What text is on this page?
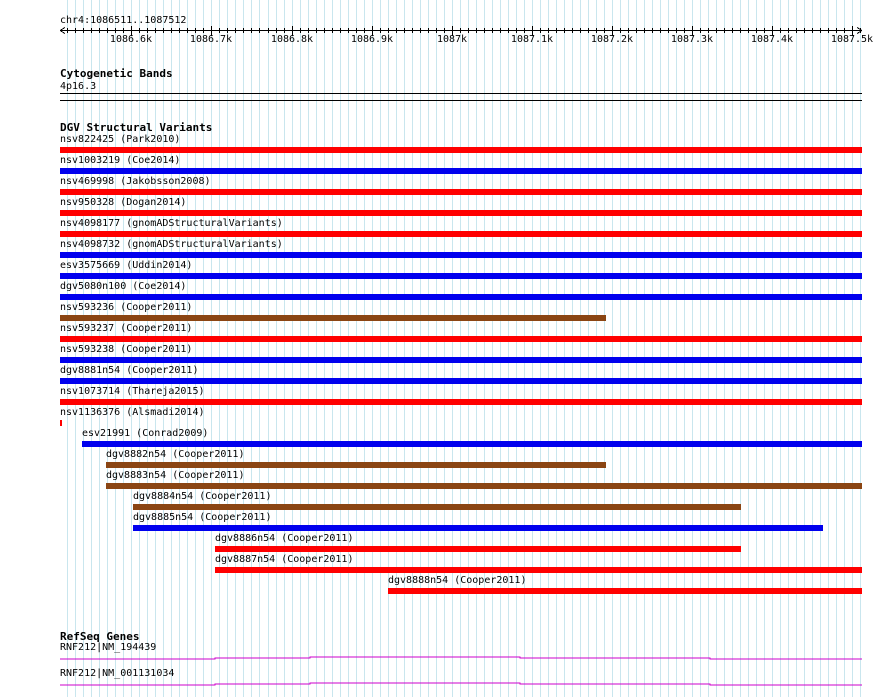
chr4:1086511..1087512
1086.6k	1086.7k	1086.8k	1086.9k	1087k	1087.1k	1087.2k	1087.3k	1087.4k	1087.5k
Cytogenetic Bands
4p16.3
DGV Structural Variants
nsv822425 (Park2010)
nsv1003219 (Coe2014)
nsv469998 (Jakobsson2008)
nsv950328 (Dogan2014)
nsv4098177 (gnomADStructuralVariants)
nsv4098732 (gnomADStructuralVariants)
esv3575669 (Uddin2014)
dgv5080n100 (Coe2014)
nsv593236 (Cooper2011)
nsv593237 (Cooper2011)
nsv593238 (Cooper2011)
dgv8881n54 (Cooper2011)
nsv1073714 (Thareja2015)
nsv1136376 (Alsmadi2014)
esv21991 (Conrad2009)
dgv8882n54 (Cooper2011)
dgv8883n54 (Cooper2011)
dgv8884n54 (Cooper2011)
dgv8885n54 (Cooper2011)
dgv8886n54 (Cooper2011)
dgv8887n54 (Cooper2011)
dgv8888n54 (Cooper2011)
RefSeq Genes
RNF212|NM_194439
RNF212|NM_001131034
